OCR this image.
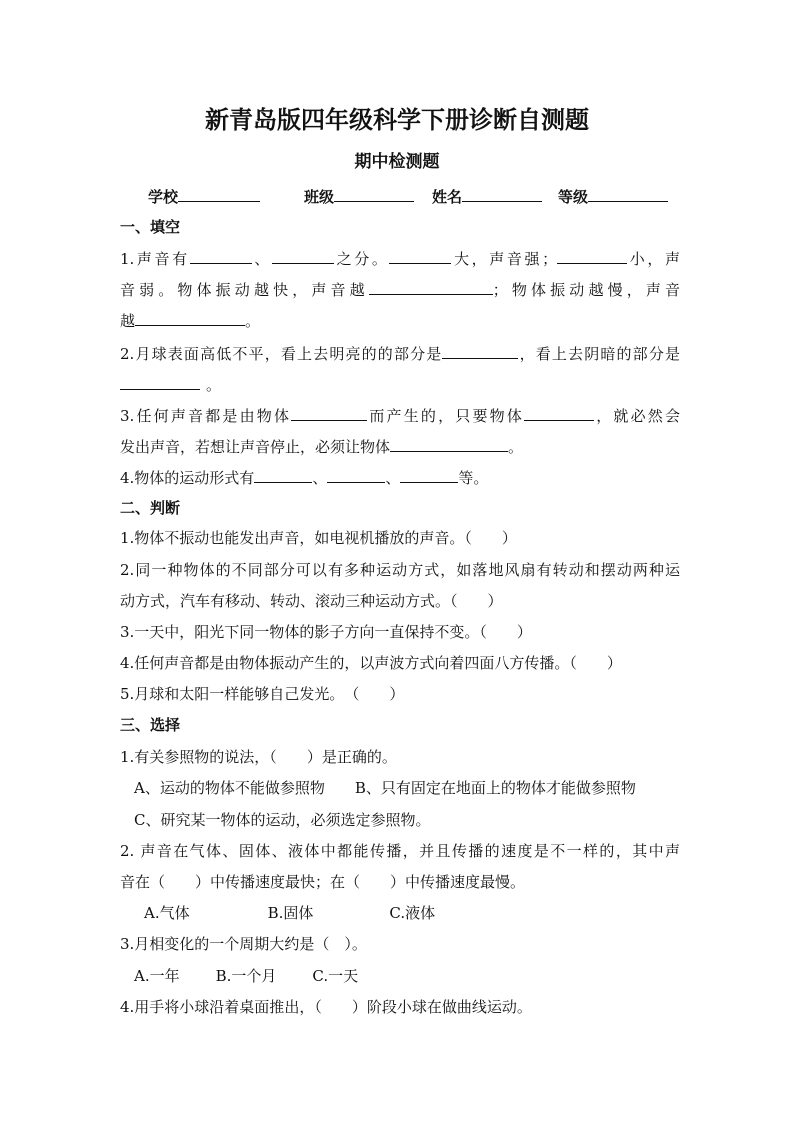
新青岛版四年级科学下册诊断自测题
期中检测题
学校	班级	姓名	等级
一、填空
1.声音有	、	之分。	大，声音强；	小，声
音弱。物体振动越快，声音越	；物体振动越慢，声音
越	。
2.月球表面高低不平，看上去明亮的的部分是	，看上去阴暗的部分是
。
3.任何声音都是由物体	而产生的，只要物体	，就必然会
发出声音，若想让声音停止，必须让物体	。
4.物体的运动形式有	、	、	等。
二、判断
1.物体不振动也能发出声音，如电视机播放的声音。（　　）
2.同一种物体的不同部分可以有多种运动方式，如落地风扇有转动和摆动两种运
动方式，汽车有移动、转动、滚动三种运动方式。（　　）
3.一天中，阳光下同一物体的影子方向一直保持不变。（　　）
4.任何声音都是由物体振动产生的，以声波方式向着四面八方传播。（　　）
5.月球和太阳一样能够自己发光。　（　　）
三、选择
1.有关参照物的说法，（　　）是正确的。
A、运动的物体不能做参照物 B、只有固定在地面上的物体才能做参照物
C、研究某一物体的运动，必须选定参照物。
2. 声音在气体、固体、液体中都能传播，并且传播的速度是不一样的，其中声
音在（　　）中传播速度最快；在（　　）中传播速度最慢。
A.气体	B.固体	C.液体
3.月相变化的一个周期大约是（　）。
A.一年 B.一个月 C.一天
4.用手将小球沿着桌面推出，（　　）阶段小球在做曲线运动。
